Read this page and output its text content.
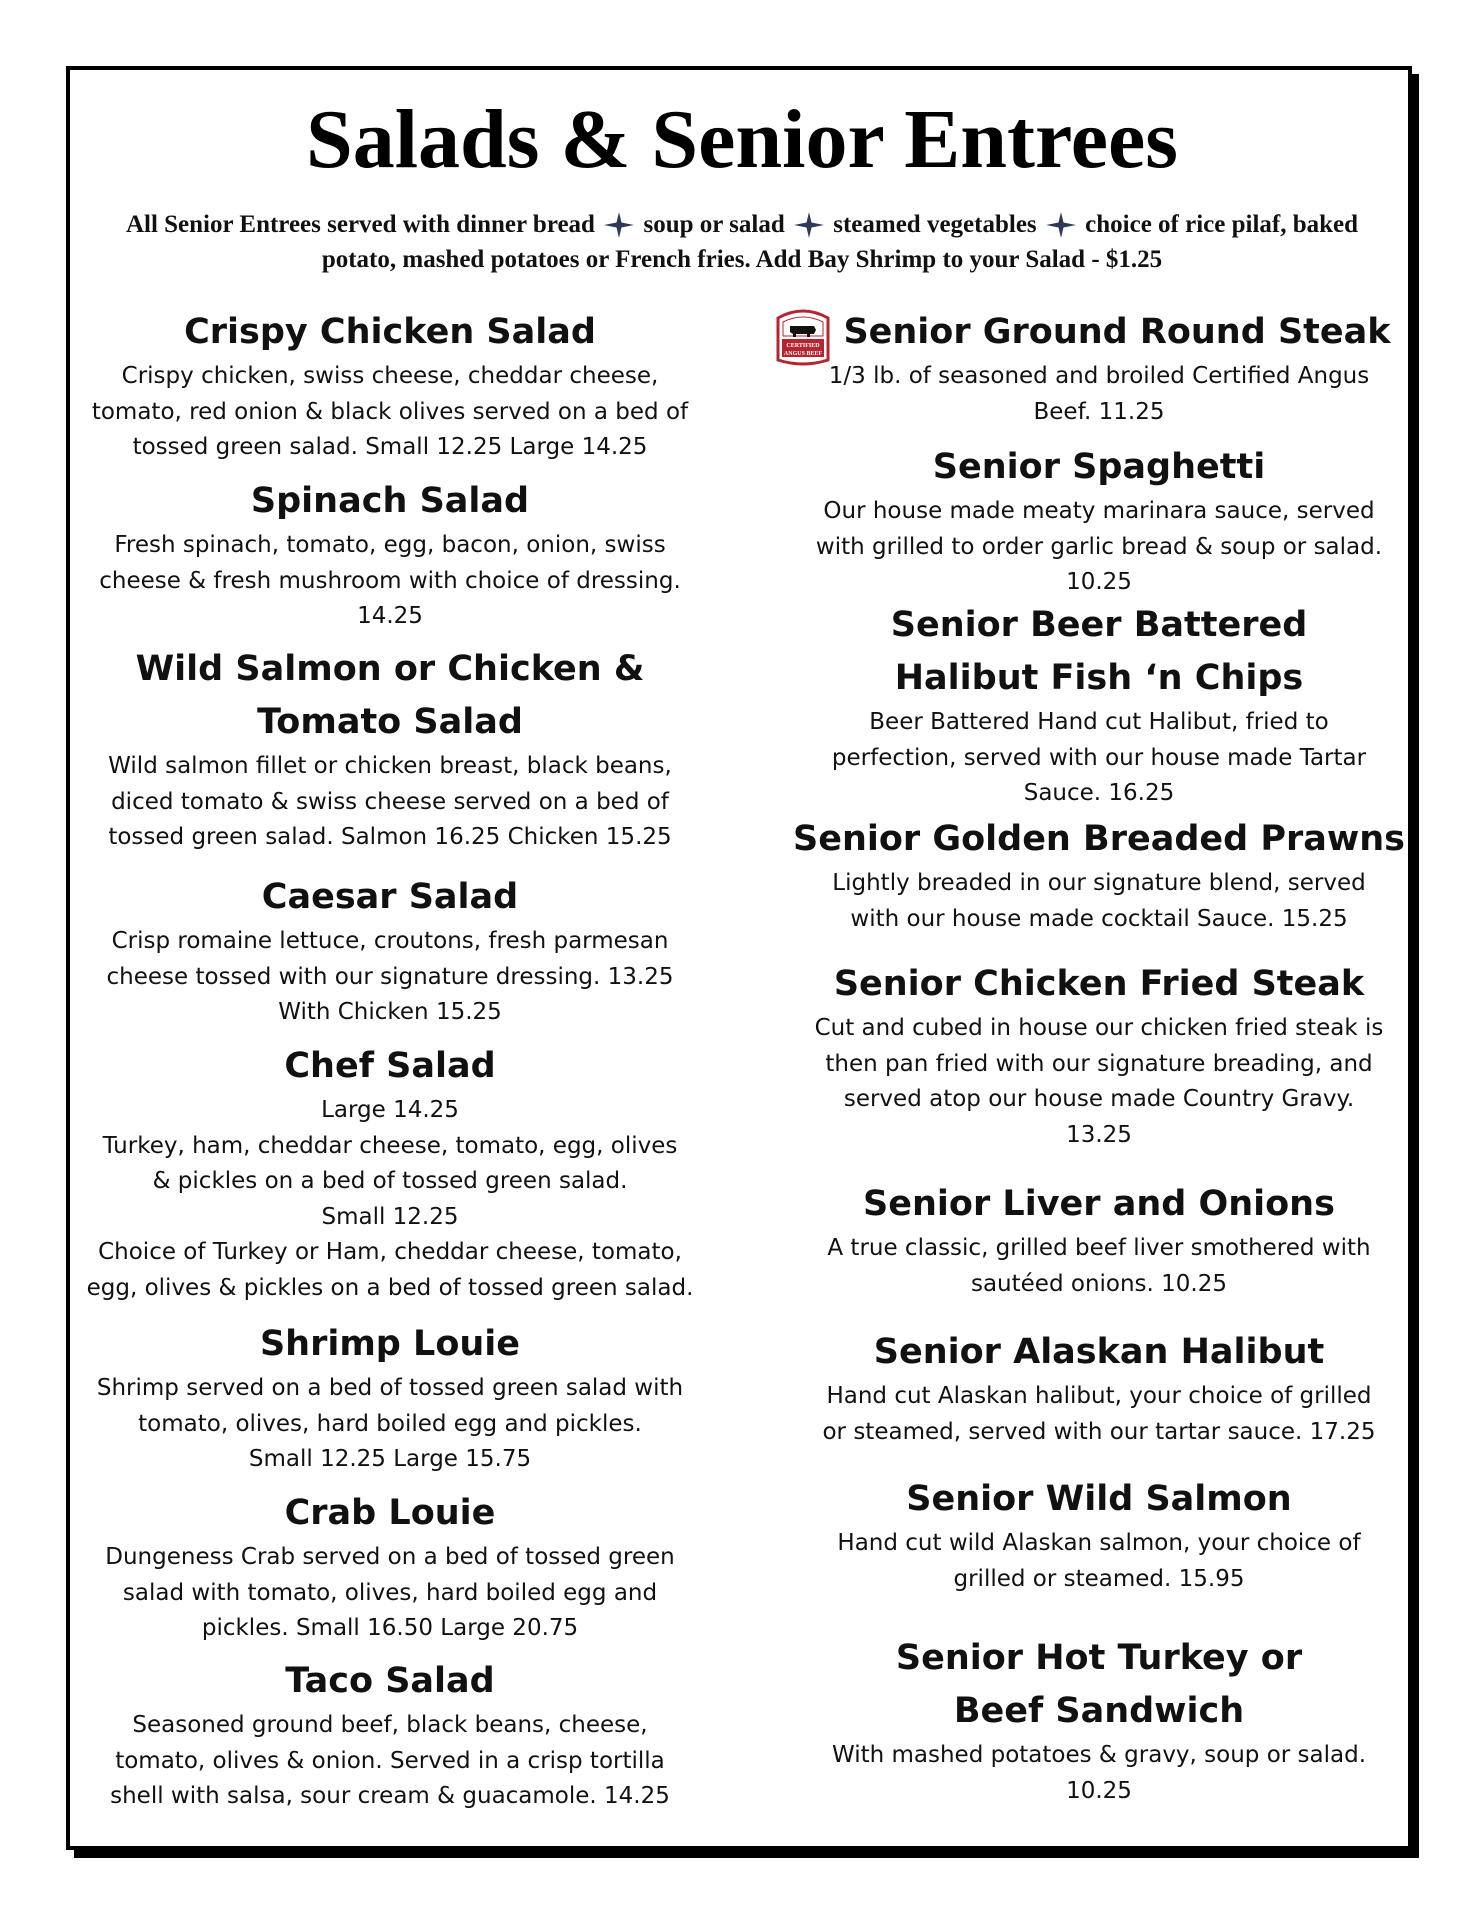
Salads & Senior Entrees
All Senior Entrees served with dinner bread soup or salad steamed vegetables choice of rice pilaf, baked potato, mashed potatoes or French fries. Add Bay Shrimp to your Salad - $1.25
CERTIFIED
ANGUS BEEF
Crispy Chicken Salad

Crispy chicken, swiss cheese, cheddar cheese,

tomato, red onion & black olives served on a bed of

tossed green salad. Small 12.25 Large 14.25

Spinach Salad

Fresh spinach, tomato, egg, bacon, onion, swiss

cheese & fresh mushroom with choice of dressing.

14.25

Wild Salmon or Chicken &
Tomato Salad

Wild salmon fillet or chicken breast, black beans,

diced tomato & swiss cheese served on a bed of

tossed green salad. Salmon 16.25 Chicken 15.25

Caesar Salad

Crisp romaine lettuce, croutons, fresh parmesan

cheese tossed with our signature dressing. 13.25

With Chicken 15.25

Chef Salad

Large 14.25

Turkey, ham, cheddar cheese, tomato, egg, olives

& pickles on a bed of tossed green salad.

Small 12.25

Choice of Turkey or Ham, cheddar cheese, tomato,

egg, olives & pickles on a bed of tossed green salad.

Shrimp Louie

Shrimp served on a bed of tossed green salad with

tomato, olives, hard boiled egg and pickles.

Small 12.25 Large 15.75

Crab Louie

Dungeness Crab served on a bed of tossed green

salad with tomato, olives, hard boiled egg and

pickles. Small 16.50 Large 20.75

Taco Salad

Seasoned ground beef, black beans, cheese,

tomato, olives & onion. Served in a crisp tortilla

shell with salsa, sour cream & guacamole. 14.25

Senior Ground Round Steak

1/3 lb. of seasoned and broiled Certified Angus

Beef. 11.25

Senior Spaghetti

Our house made meaty marinara sauce, served

with grilled to order garlic bread & soup or salad.

10.25

Senior Beer Battered
Halibut Fish ‘n Chips

Beer Battered Hand cut Halibut, fried to

perfection, served with our house made Tartar

Sauce. 16.25

Senior Golden Breaded Prawns

Lightly breaded in our signature blend, served

with our house made cocktail Sauce. 15.25

Senior Chicken Fried Steak

Cut and cubed in house our chicken fried steak is

then pan fried with our signature breading, and

served atop our house made Country Gravy.

13.25

Senior Liver and Onions

A true classic, grilled beef liver smothered with

sautéed onions. 10.25

Senior Alaskan Halibut

Hand cut Alaskan halibut, your choice of grilled

or steamed, served with our tartar sauce. 17.25

Senior Wild Salmon

Hand cut wild Alaskan salmon, your choice of

grilled or steamed. 15.95

Senior Hot Turkey or
Beef Sandwich

With mashed potatoes & gravy, soup or salad.

10.25
